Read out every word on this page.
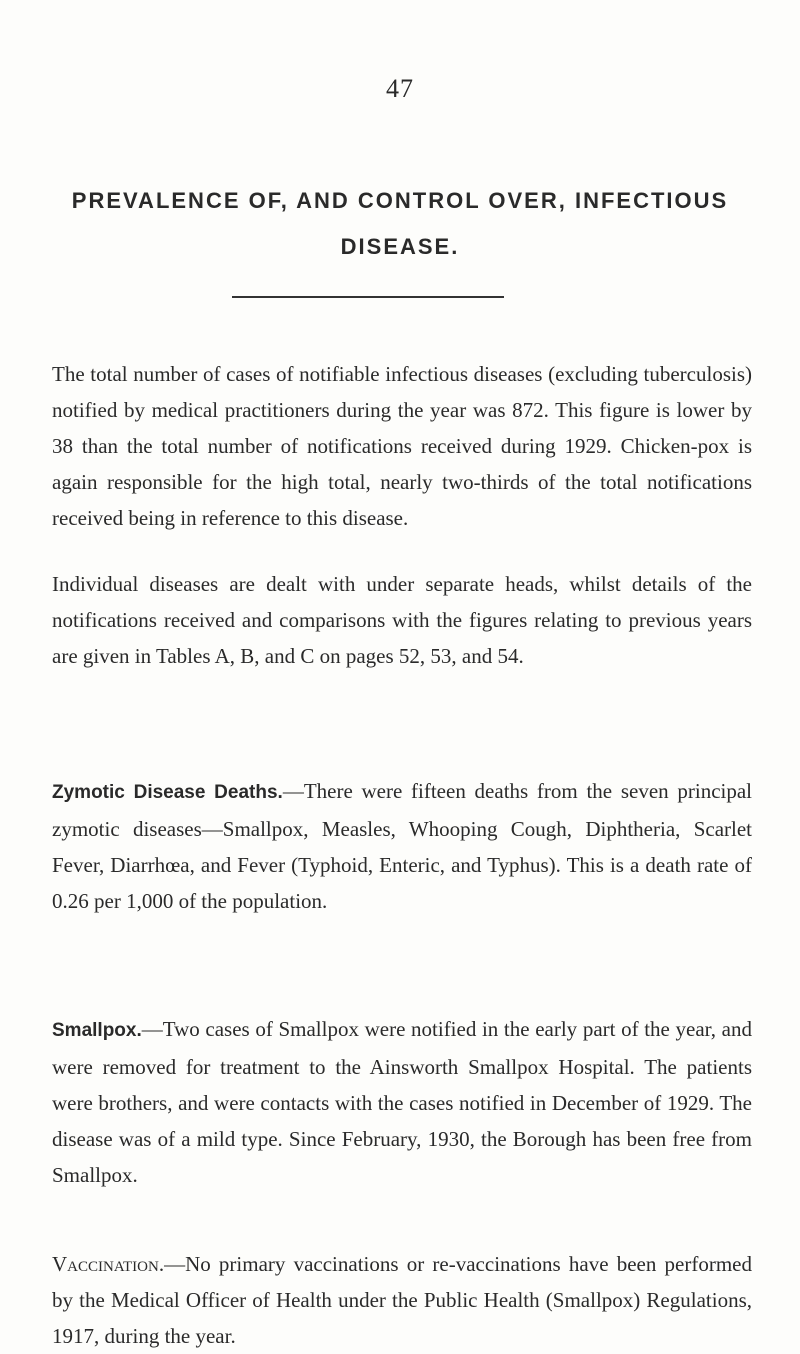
47
PREVALENCE OF, AND CONTROL OVER, INFECTIOUS DISEASE.

The total number of cases of notifiable infectious diseases (excluding tuberculosis) notified by medical practitioners during the year was 872. This figure is lower by 38 than the total number of notifications received during 1929. Chicken-pox is again responsible for the high total, nearly two-thirds of the total notifications received being in reference to this disease.

Individual diseases are dealt with under separate heads, whilst details of the notifications received and comparisons with the figures relating to previous years are given in Tables A, B, and C on pages 52, 53, and 54.

Zymotic Disease Deaths.—There were fifteen deaths from the seven principal zymotic diseases—Smallpox, Measles, Whooping Cough, Diphtheria, Scarlet Fever, Diarrhœa, and Fever (Typhoid, Enteric, and Typhus). This is a death rate of 0.26 per 1,000 of the population.

Smallpox.—Two cases of Smallpox were notified in the early part of the year, and were removed for treatment to the Ainsworth Smallpox Hospital. The patients were brothers, and were contacts with the cases notified in December of 1929. The disease was of a mild type. Since February, 1930, the Borough has been free from Smallpox.

Vaccination.—No primary vaccinations or re-vaccinations have been performed by the Medical Officer of Health under the Public Health (Smallpox) Regulations, 1917, during the year.
